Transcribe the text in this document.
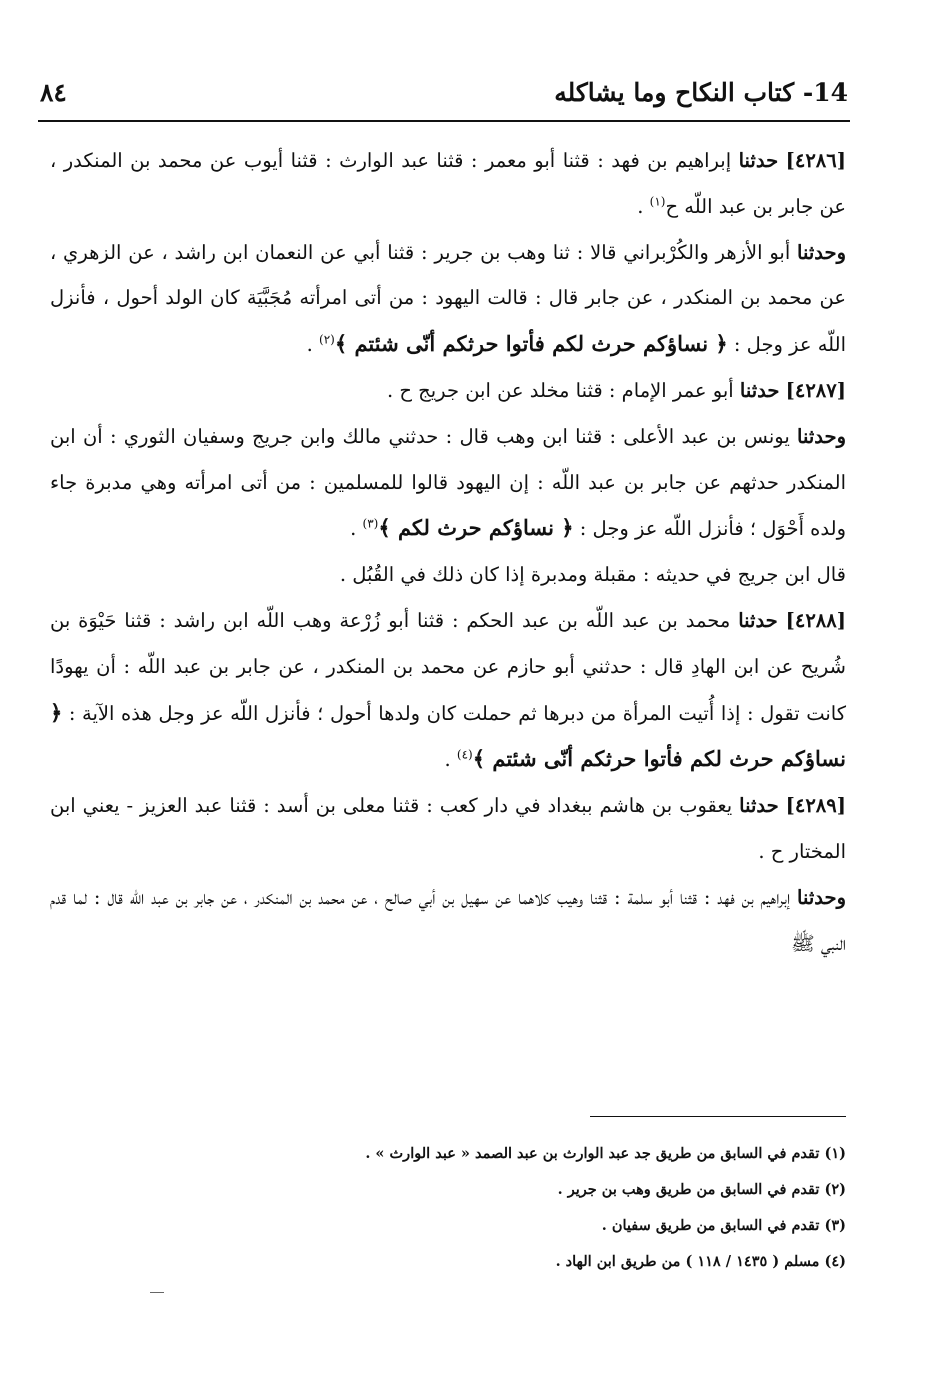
14- كتاب النكاح وما يشاكله
٨٤

[٤٢٨٦] حدثنا إبراهيم بن فهد : قثنا أبو معمر : قثنا عبد الوارث : قثنا أيوب عن محمد بن المنكدر ، عن جابر بن عبد اللّه ح$^{(١)}$ .

وحدثنا أبو الأزهر والكُرْبراني قالا : ثنا وهب بن جرير : قثنا أبي عن النعمان ابن راشد ، عن الزهري ، عن محمد بن المنكدر ، عن جابر قال : قالت اليهود : من أتى امرأته مُجَبَّيَة كان الولد أحول ، فأنزل اللّه عز وجل : ﴿ نساؤكم حرث لكم فأتوا حرثكم أنّى شئتم ﴾$^{(٢)}$ .

[٤٢٨٧] حدثنا أبو عمر الإمام : قثنا مخلد عن ابن جريج ح .

وحدثنا يونس بن عبد الأعلى : قثنا ابن وهب قال : حدثني مالك وابن جريج وسفيان الثوري : أن ابن المنكدر حدثهم عن جابر بن عبد اللّه : إن اليهود قالوا للمسلمين : من أتى امرأته وهي مدبرة جاء ولده أَحْوَل ؛ فأنزل اللّه عز وجل : ﴿ نساؤكم حرث لكم ﴾$^{(٣)}$ .

قال ابن جريج في حديثه : مقبلة ومدبرة إذا كان ذلك في القُبُل .

[٤٢٨٨] حدثنا محمد بن عبد اللّه بن عبد الحكم : قثنا أبو زُرْعة وهب اللّه ابن راشد : قثنا حَيْوَة بن شُريح عن ابن الهادِ قال : حدثني أبو حازم عن محمد بن المنكدر ، عن جابر بن عبد اللّه : أن يهودًا كانت تقول : إذا أُتيت المرأة من دبرها ثم حملت كان ولدها أحول ؛ فأنزل اللّه عز وجل هذه الآية : ﴿ نساؤكم حرث لكم فأتوا حرثكم أنّى شئتم ﴾$^{(٤)}$ .

[٤٢٨٩] حدثنا يعقوب بن هاشم ببغداد في دار كعب : قثنا معلى بن أسد : قثنا عبد العزيز - يعني ابن المختار ح .

وحدثنا إبراهيم بن فهد : قثنا أبو سلمة : قثنا وهيب كلاهما عن سهيل بن أبي صالح ، عن محمد بن المنكدر ، عن جابر بن عبد اللّه قال : لما قدم النبي ﷺ

(١) تقدم في السابق من طريق جد عبد الوارث بن عبد الصمد « عبد الوارث » .

(٢) تقدم في السابق من طريق وهب بن جرير .

(٣) تقدم في السابق من طريق سفيان .

(٤) مسلم ( ١٤٣٥ / ١١٨ ) من طريق ابن الهاد .
